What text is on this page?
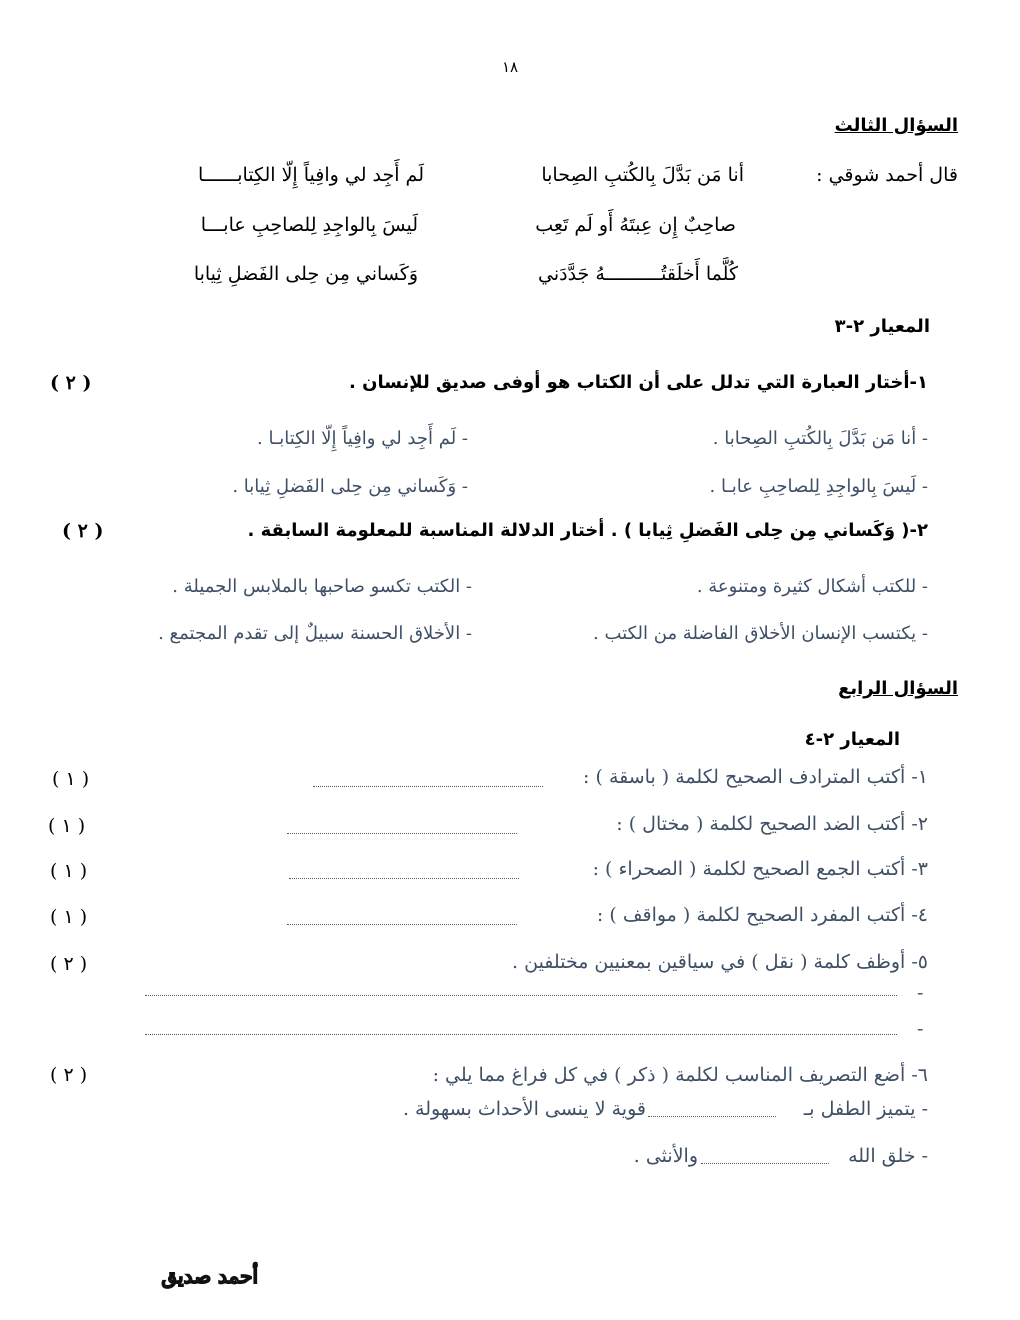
١٨
السؤال الثالث
قال أحمد شوقي :
أنا مَن بَدَّلَ بِالكُتبِ الصِحابا
لَم أَجِد لي وافِياً إِلّا الكِتابــــــا
صاحِبٌ إِن عِبتَهُ أَو لَم تَعِب
لَيسَ بِالواجِدِ لِلصاحِبِ عابـــا
كُلَّما أَخلَقتُــــــــــهُ جَدَّدَني
وَكَساني مِن حِلى الفَضلِ ثِيابا
المعيار ٢-٣
١-أختار العبارة التي تدلل على أن الكتاب هو أوفى صديق للإنسان .
( ٢ )
- أنا مَن بَدَّلَ بِالكُتبِ الصِحابا .
- لَم أَجِد لي وافِياً إِلّا الكِتابـا .
- لَيسَ بِالواجِدِ لِلصاحِبِ عابـا .
- وَكَساني مِن حِلى الفَضلِ ثِيابا .
٢-( وَكَساني مِن حِلى الفَضلِ ثِيابا ) . أختار الدلالة المناسبة للمعلومة السابقة .
( ٢ )
- للكتب أشكال كثيرة ومتنوعة .
- الكتب تكسو صاحبها بالملابس الجميلة .
- يكتسب الإنسان الأخلاق الفاضلة من الكتب .
- الأخلاق الحسنة سبيلٌ إلى تقدم المجتمع .
السؤال الرابع
المعيار ٢-٤
١- أكتب المترادف الصحيح لكلمة ( باسقة ) :
( ١ )
٢- أكتب الضد الصحيح لكلمة ( مختال ) :
( ١ )
٣- أكتب الجمع الصحيح لكلمة ( الصحراء ) :
( ١ )
٤- أكتب المفرد الصحيح لكلمة ( مواقف ) :
( ١ )
٥- أوظف كلمة ( نقل ) في سياقين بمعنيين مختلفين .
( ٢ )
-
-
٦- أضع التصريف المناسب لكلمة ( ذكر ) في كل فراغ مما يلي :
( ٢ )
- يتميز الطفل بـ
قوية لا ينسى الأحداث بسهولة .
- خلق الله
والأنثى .
أحمد صديق
